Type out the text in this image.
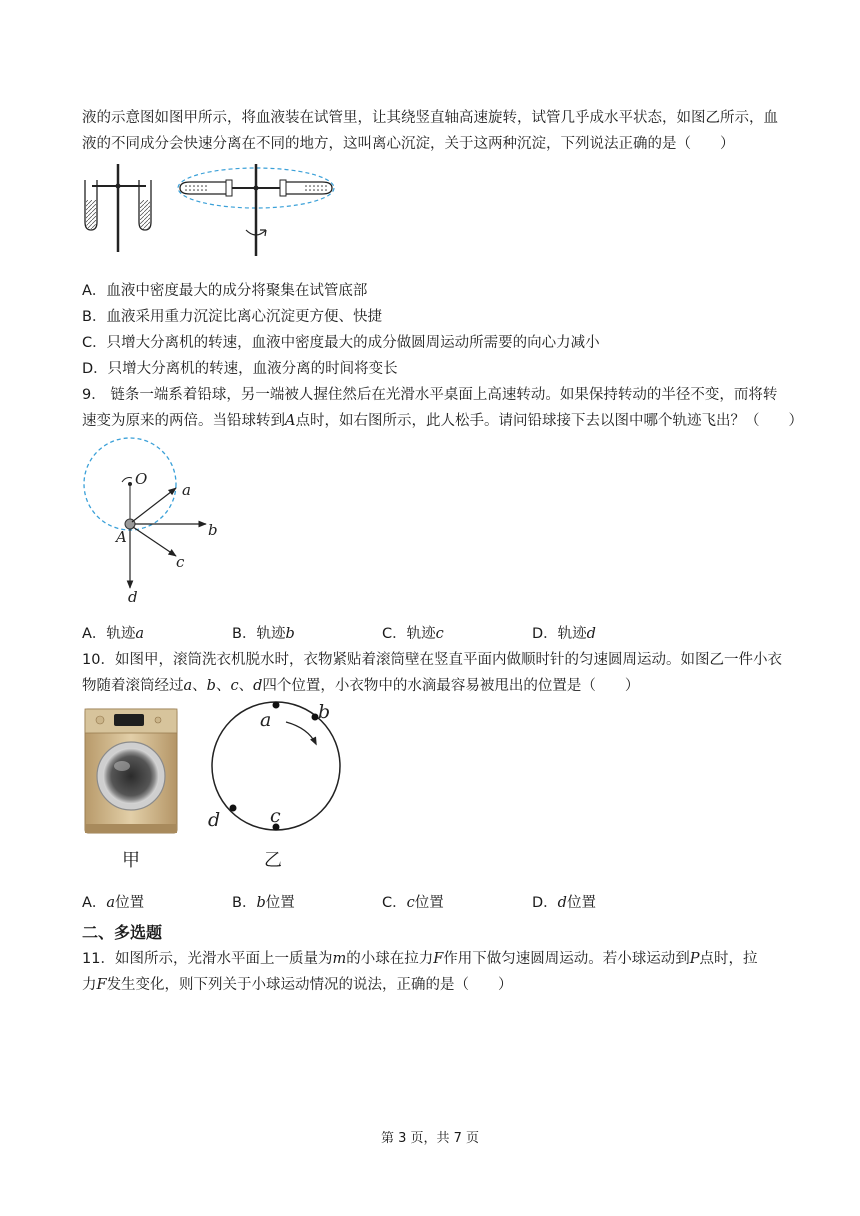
液的示意图如图甲所示，将血液装在试管里，让其绕竖直轴高速旋转，试管几乎成水平状态，如图乙所示，血
液的不同成分会快速分离在不同的地方，这叫离心沉淀，关于这两种沉淀，下列说法正确的是（　　）
A．血液中密度最大的成分将聚集在试管底部
B．血液采用重力沉淀比离心沉淀更方便、快捷
C．只增大分离机的转速，血液中密度最大的成分做圆周运动所需要的向心力减小
D．只增大分离机的转速，血液分离的时间将变长
9． 链条一端系着铅球，另一端被人握住然后在光滑水平桌面上高速转动。如果保持转动的半径不变，而将转
速变为原来的两倍。当铅球转到A点时，如右图所示，此人松手。请问铅球接下去以图中哪个轨迹飞出？（　　）
O
A
a
b
c
d
A．轨迹a	B．轨迹b	C．轨迹c	D．轨迹d
10．如图甲，滚筒洗衣机脱水时，衣物紧贴着滚筒壁在竖直平面内做顺时针的匀速圆周运动。如图乙一件小衣
物随着滚筒经过a、b、c、d四个位置，小衣物中的水滴最容易被甩出的位置是（　　）
甲
a b
c
d
乙
A．a位置	B．b位置	C．c位置	D．d位置
二、多选题
11．如图所示，光滑水平面上一质量为m的小球在拉力F作用下做匀速圆周运动。若小球运动到P点时，拉
力F发生变化，则下列关于小球运动情况的说法，正确的是（　　）
第 3 页，共 7 页
